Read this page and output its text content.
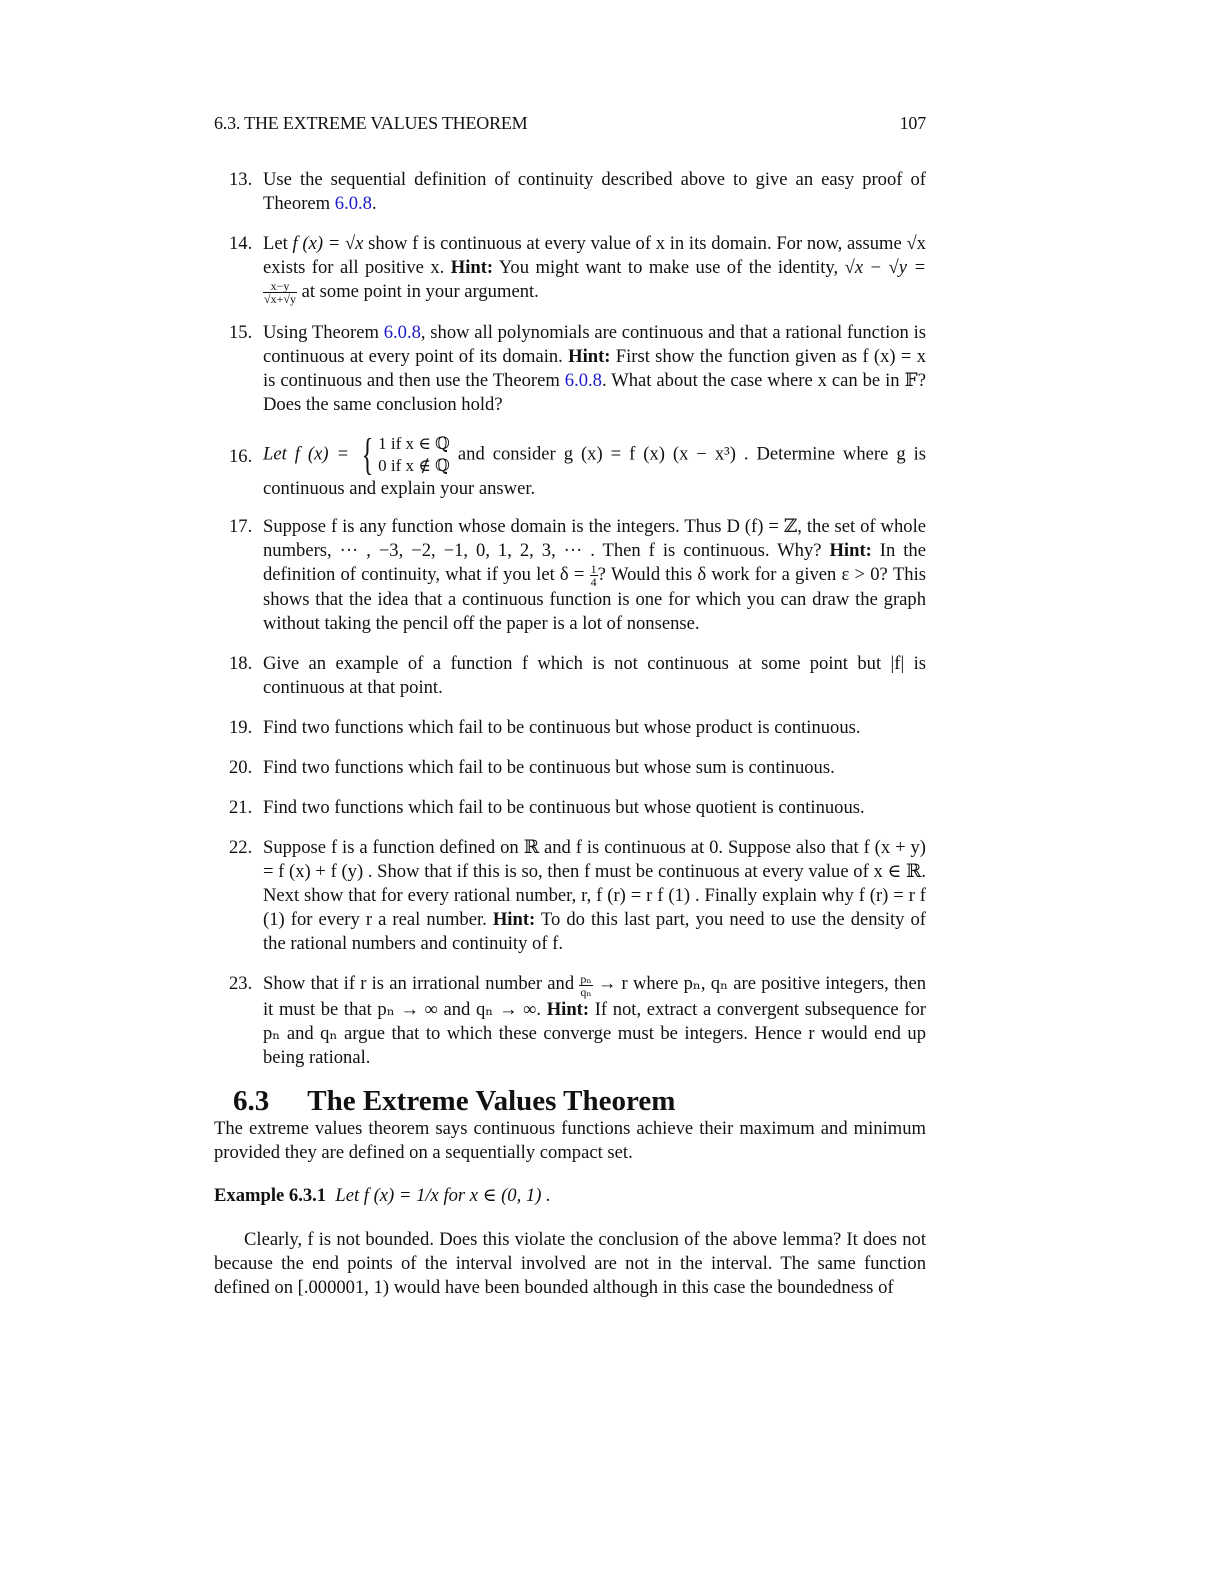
6.3. THE EXTREME VALUES THEOREM	107
13. Use the sequential definition of continuity described above to give an easy proof of Theorem 6.0.8.
14. Let f (x) = √x show f is continuous at every value of x in its domain. For now, assume √x exists for all positive x. Hint: You might want to make use of the identity, √x − √y =
$\frac{x-y}{√x+√y}$ at some point in your argument.
15. Using Theorem 6.0.8, show all polynomials are continuous and that a rational function is continuous at every point of its domain. Hint: First show the function given as f (x) = x is continuous and then use the Theorem 6.0.8. What about the case where x can be in 𝔽? Does the same conclusion hold?
16. Let f (x) = { 1 if x ∈ ℚ
0 if x ∉ ℚ
and consider g (x) = f (x) (x − x³) . Determine where g is continuous and explain your answer.
17. Suppose f is any function whose domain is the integers. Thus D (f) = ℤ, the set of whole numbers, ··· , −3, −2, −1, 0, 1, 2, 3, ··· . Then f is continuous. Why? Hint: In the definition of continuity, what if you let $\delta = \frac{1}{4}$ ? Would this δ work for a given ε > 0? This shows that the idea that a continuous function is one for which you can draw the graph without taking the pencil off the paper is a lot of nonsense.
18. Give an example of a function f which is not continuous at some point but |f| is continuous at that point.
19. Find two functions which fail to be continuous but whose product is continuous.
20. Find two functions which fail to be continuous but whose sum is continuous.
21. Find two functions which fail to be continuous but whose quotient is continuous.
22. Suppose f is a function defined on ℝ and f is continuous at 0. Suppose also that f (x + y) = f (x) + f (y) . Show that if this is so, then f must be continuous at every value of x ∈ ℝ. Next show that for every rational number, r, f (r) = r f (1) . Finally explain why f (r) = r f (1) for every r a real number. Hint: To do this last part, you need to use the density of the rational numbers and continuity of f.
23. Show that if r is an irrational number and $\frac{\text{pₙ}}{\text{qₙ}} \to r$ where pₙ, qₙ are positive integers, then it must be that pₙ → ∞ and qₙ → ∞. Hint: If not, extract a convergent subsequence for pₙ and qₙ argue that to which these converge must be integers. Hence r would end up being rational.
6.3 The Extreme Values Theorem

The extreme values theorem says continuous functions achieve their maximum and minimum provided they are defined on a sequentially compact set.

Example 6.3.1 Let f (x) = 1/x for x ∈ (0, 1) .

Clearly, f is not bounded. Does this violate the conclusion of the above lemma? It does not because the end points of the interval involved are not in the interval. The same function defined on [.000001, 1) would have been bounded although in this case the boundedness of
